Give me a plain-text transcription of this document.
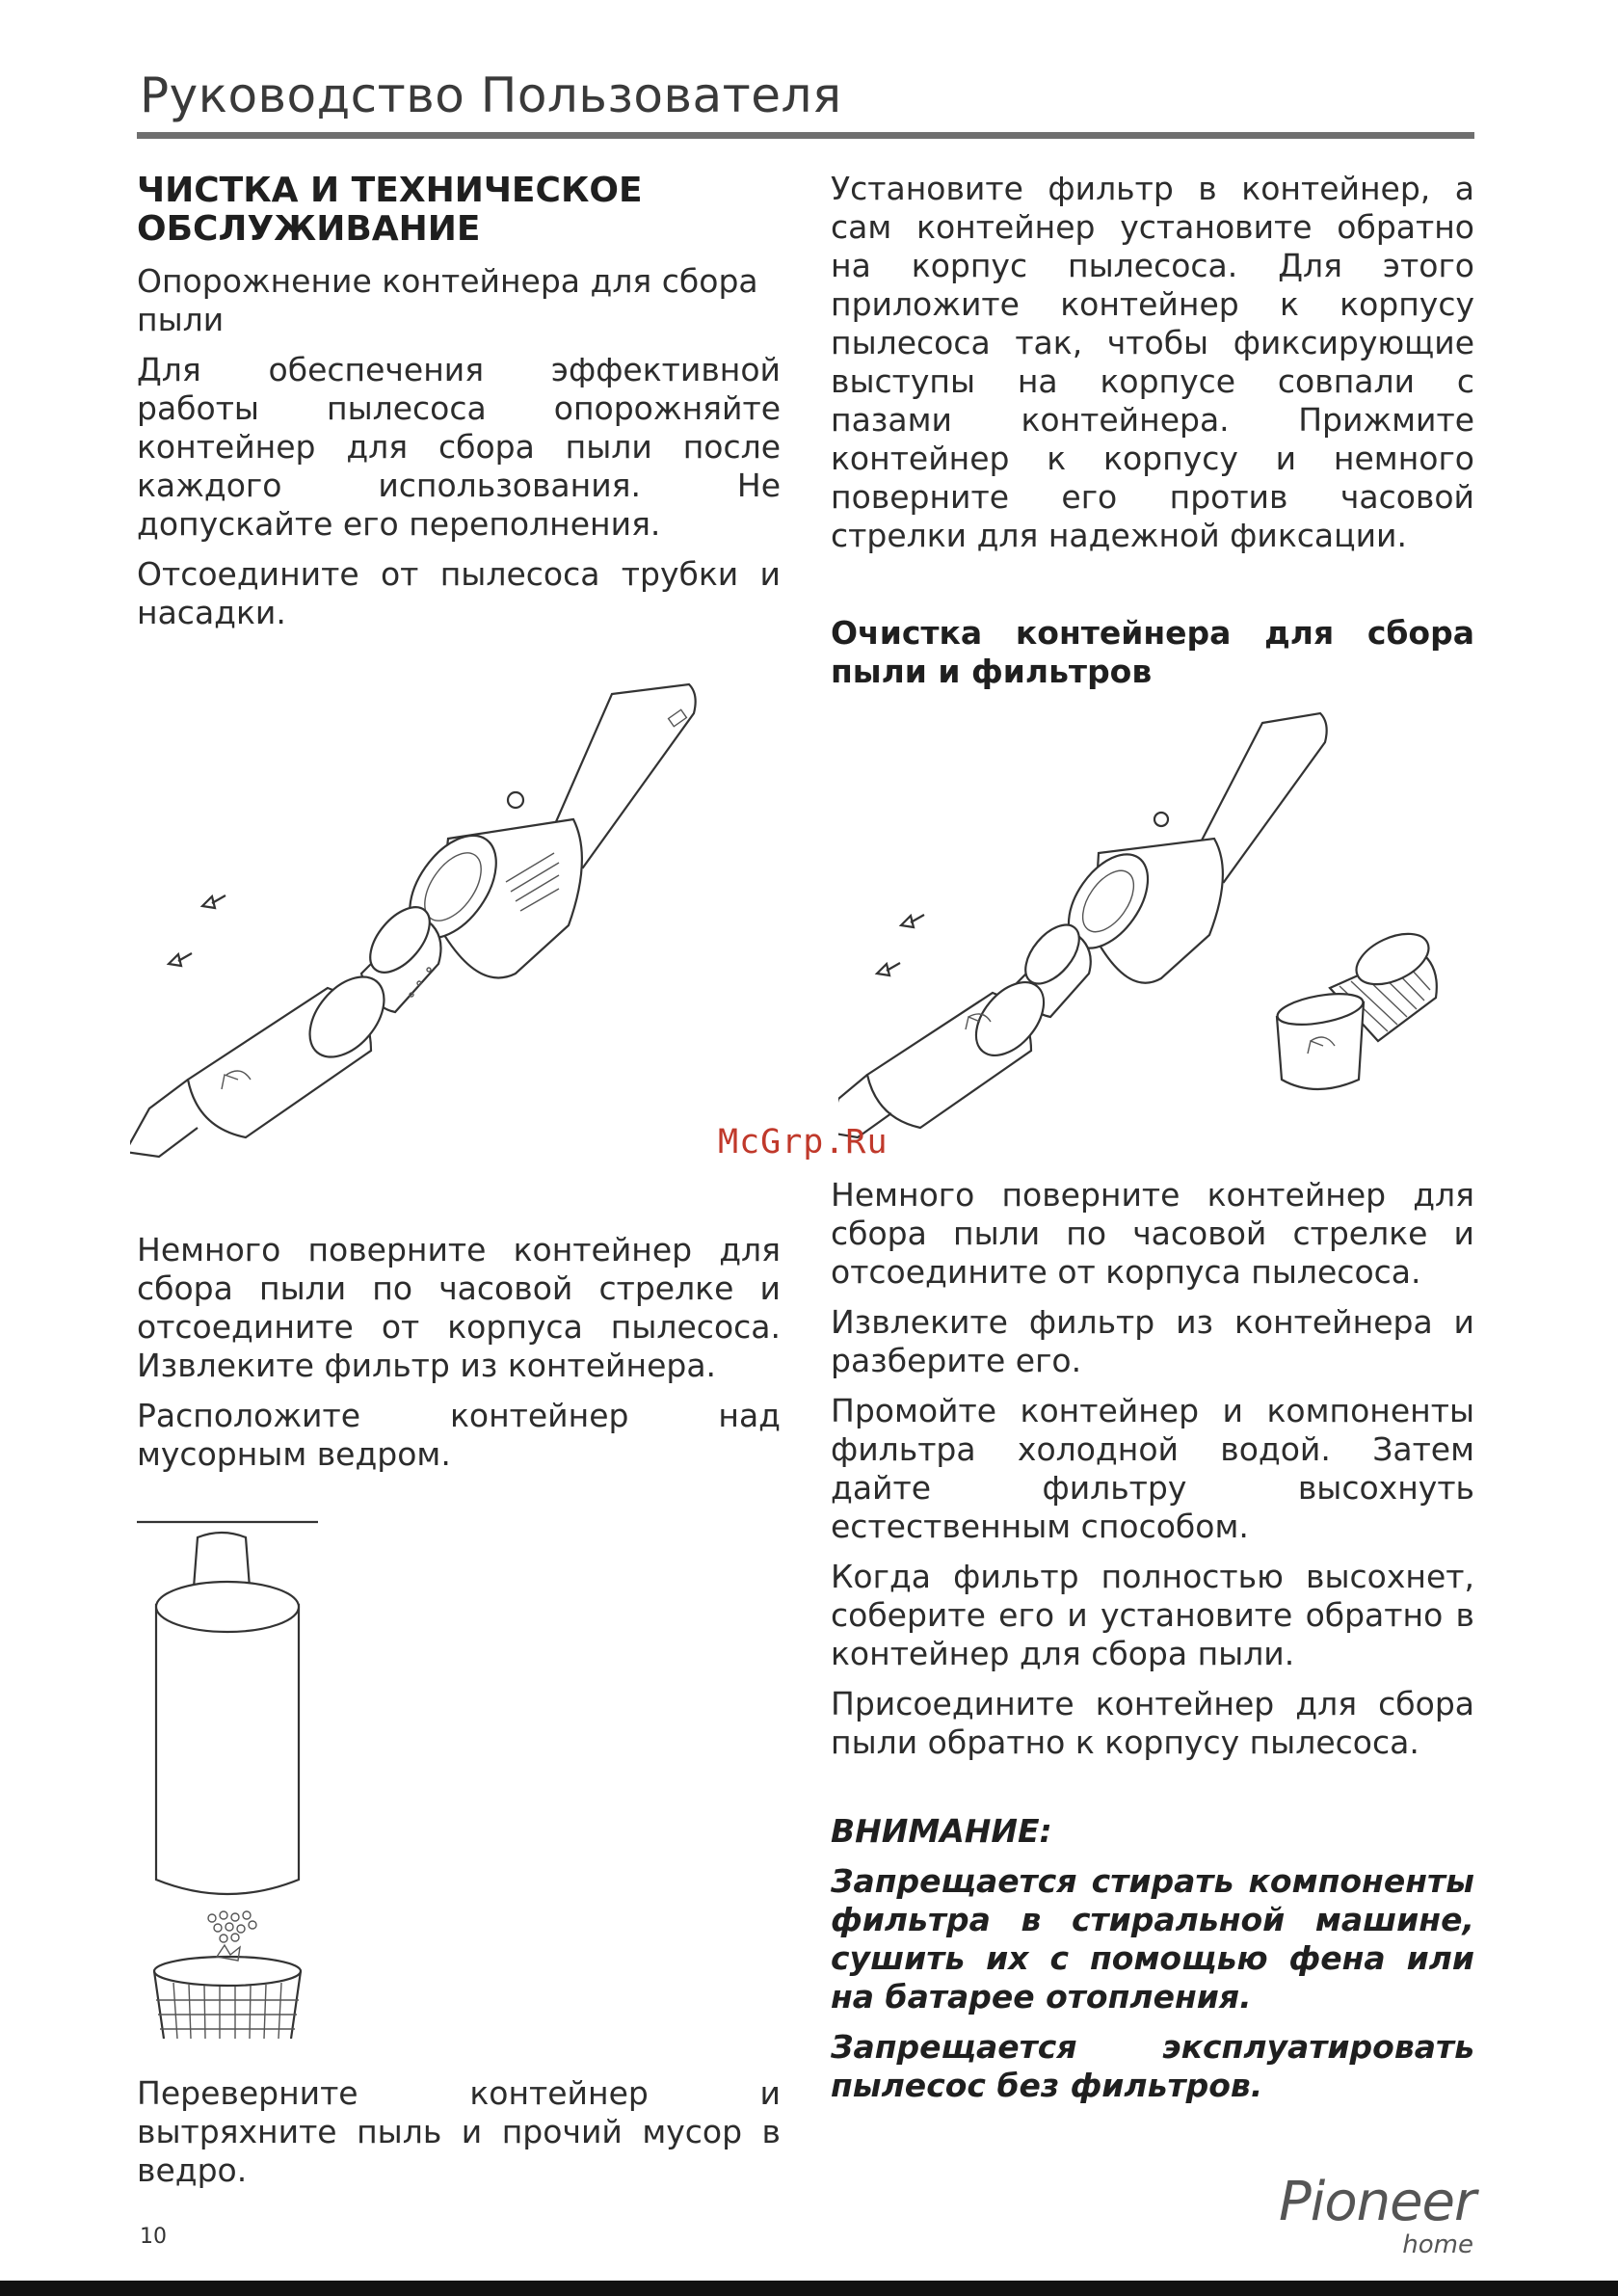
Руководство Пользователя
ЧИСТКА И ТЕХНИЧЕСКОЕ
ОБСЛУЖИВАНИЕ

Опорожнение контейнера для сбора пыли

Для обеспечения эффективной работы пылесоса опорожняйте контейнер для сбора пыли после каждого использования. Не допускайте его переполнения.

Отсоедините от пылесоса трубки и насадки.

Немного поверните контейнер для сбора пыли по часовой стрелке и отсоедините от корпуса пылесоса. Извлеките фильтр из контейнера.

Расположите контейнер над мусорным ведром.

Переверните контейнер и вытряхните пыль и прочий мусор в ведро.

Установите фильтр в контейнер, а сам контейнер установите обратно на корпус пылесоса. Для этого приложите контейнер к корпусу пылесоса так, чтобы фиксирующие выступы на корпусе совпали с пазами контейнера. Прижмите контейнер к корпусу и немного поверните его против часовой стрелки для надежной фиксации.

Очистка контейнера для сбора пыли и фильтров
McGrp.Ru

Немного поверните контейнер для сбора пыли по часовой стрелке и отсоедините от корпуса пылесоса.

Извлеките фильтр из контейнера и разберите его.

Промойте контейнер и компоненты фильтра холодной водой. Затем дайте фильтру высохнуть естественным способом.

Когда фильтр полностью высохнет, соберите его и установите обратно в контейнер для сбора пыли.

Присоедините контейнер для сбора пыли обратно к корпусу пылесоса.

ВНИМАНИЕ:

Запрещается стирать компоненты фильтра в стиральной машине, сушить их с помощью фена или на батарее отопления.

Запрещается эксплуатировать пылесос без фильтров.

10
Pioneer
home
